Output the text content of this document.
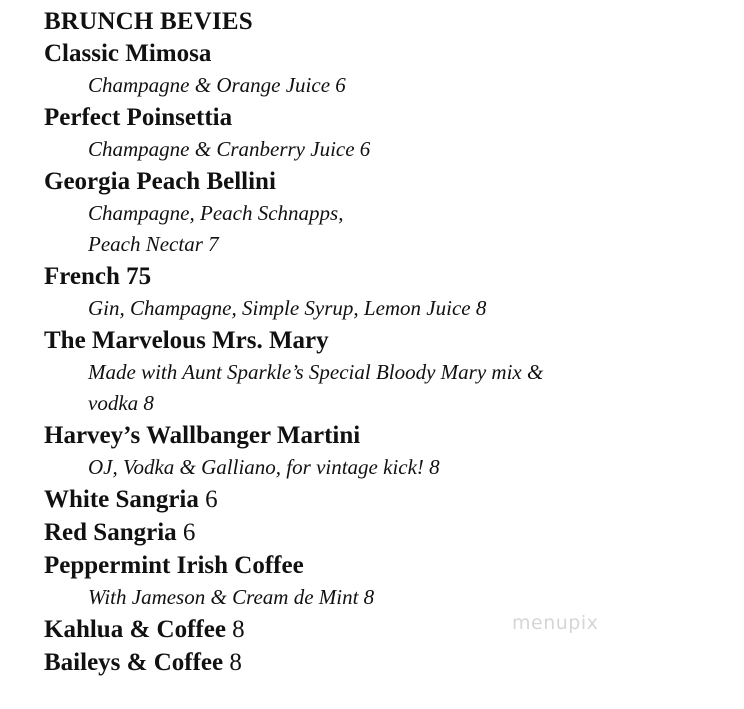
BRUNCH BEVIES
Classic Mimosa
Champagne & Orange Juice 6
Perfect Poinsettia
Champagne & Cranberry Juice 6
Georgia Peach Bellini
Champagne, Peach Schnapps,
Peach Nectar 7
French 75
Gin, Champagne, Simple Syrup, Lemon Juice 8
The Marvelous Mrs. Mary
Made with Aunt Sparkle’s Special Bloody Mary mix &
vodka 8
Harvey’s Wallbanger Martini
OJ, Vodka & Galliano, for vintage kick! 8
White Sangria 6
Red Sangria 6
Peppermint Irish Coffee
With Jameson & Cream de Mint 8
Kahlua & Coffee 8
Baileys & Coffee 8
menupix
